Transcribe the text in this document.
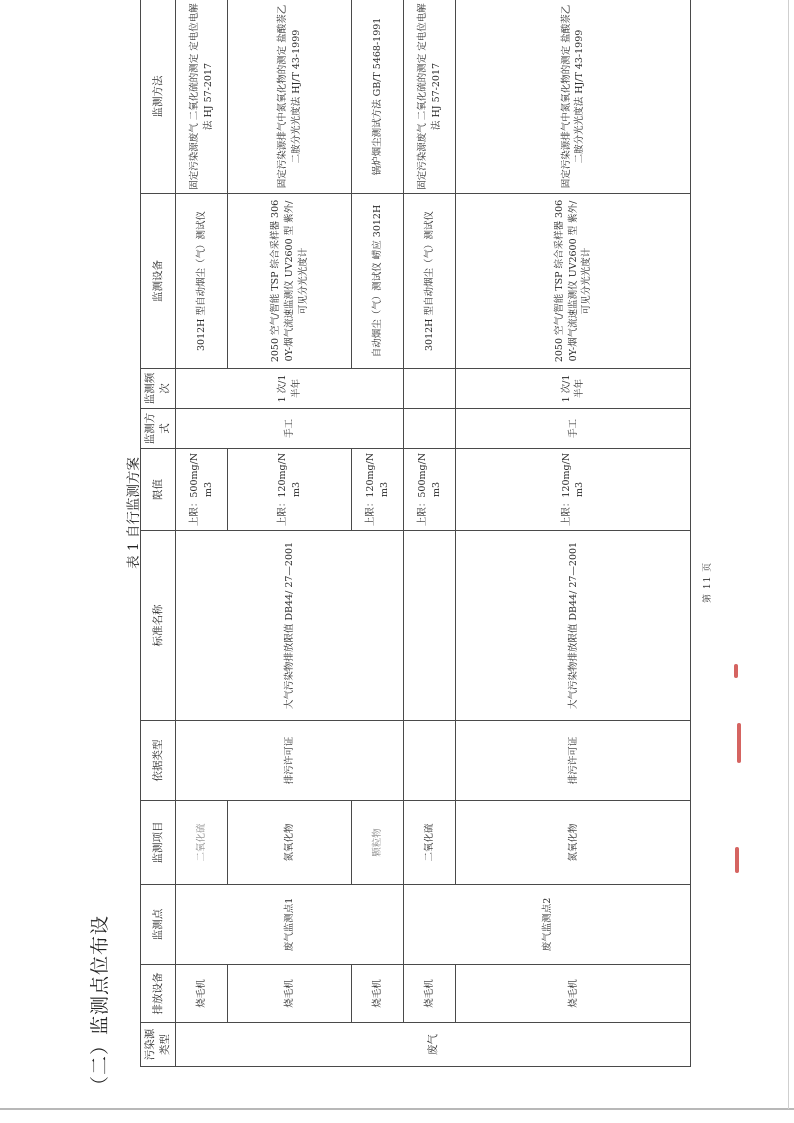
（二）监测点位布设
表 1 自行监测方案
污染源类型	排放设备	监测点	监测项目	依据类型	标准名称	限值	监测方式	监测频次	监测设备	监测方法
废气	烧毛机	废气监测点1	二氧化硫	排污许可证	大气污染物排放限值 DB44/ 27—2001	上限：500mg/Nm3	手工	1 次/1 半年	3012H 型自动烟尘（气）测试仪	固定污染源废气 二氧化硫的测定 定电位电解法 HJ 57-2017
	烧毛机		氮氧化物			上限：120mg/Nm3			2050 空气/智能 TSP 综合采样器 3060Y-烟气流速监测仪 UV2600 型 紫外/可见分光光度计	固定污染源排气中氮氧化物的测定 盐酸萘乙二胺分光光度法 HJ/T 43-1999
	烧毛机		颗粒物			上限：120mg/Nm3			自动烟尘（气）测试仪 崂应 3012H	锅炉烟尘测试方法 GB/T 5468-1991
	烧毛机	废气监测点2	二氧化硫			上限：500mg/Nm3			3012H 型自动烟尘（气）测试仪	固定污染源废气 二氧化硫的测定 定电位电解法 HJ 57-2017
	烧毛机		氮氧化物	排污许可证	大气污染物排放限值 DB44/ 27—2001	上限：120mg/Nm3	手工	1 次/1 半年	2050 空气/智能 TSP 综合采样器 3060Y-烟气流速监测仪 UV2600 型 紫外/可见分光光度计	固定污染源排气中氮氧化物的测定 盐酸萘乙二胺分光光度法 HJ/T 43-1999
第 11 页
